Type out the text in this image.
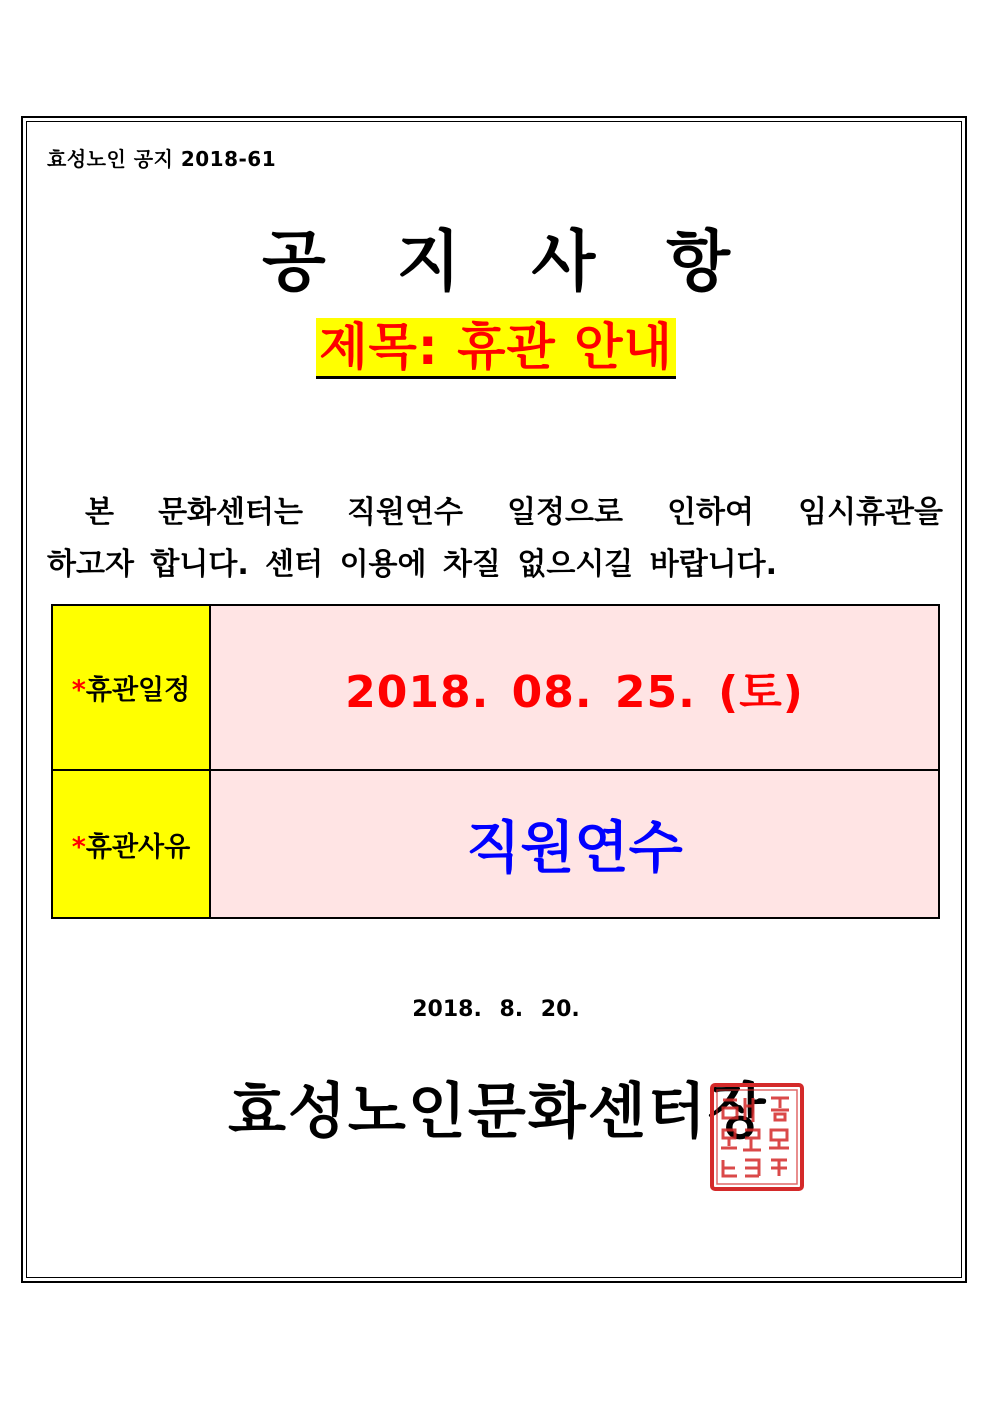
효성노인 공지 2018-61
공 지 사 항
제목: 휴관 안내
본 문화센터는 직원연수 일정으로 인하여 임시휴관을
하고자 합니다. 센터 이용에 차질 없으시길 바랍니다.
*휴관일정	2018. 08. 25. (토)
*휴관사유	직원연수
2018. 8. 20.
효성노인문화센터장
